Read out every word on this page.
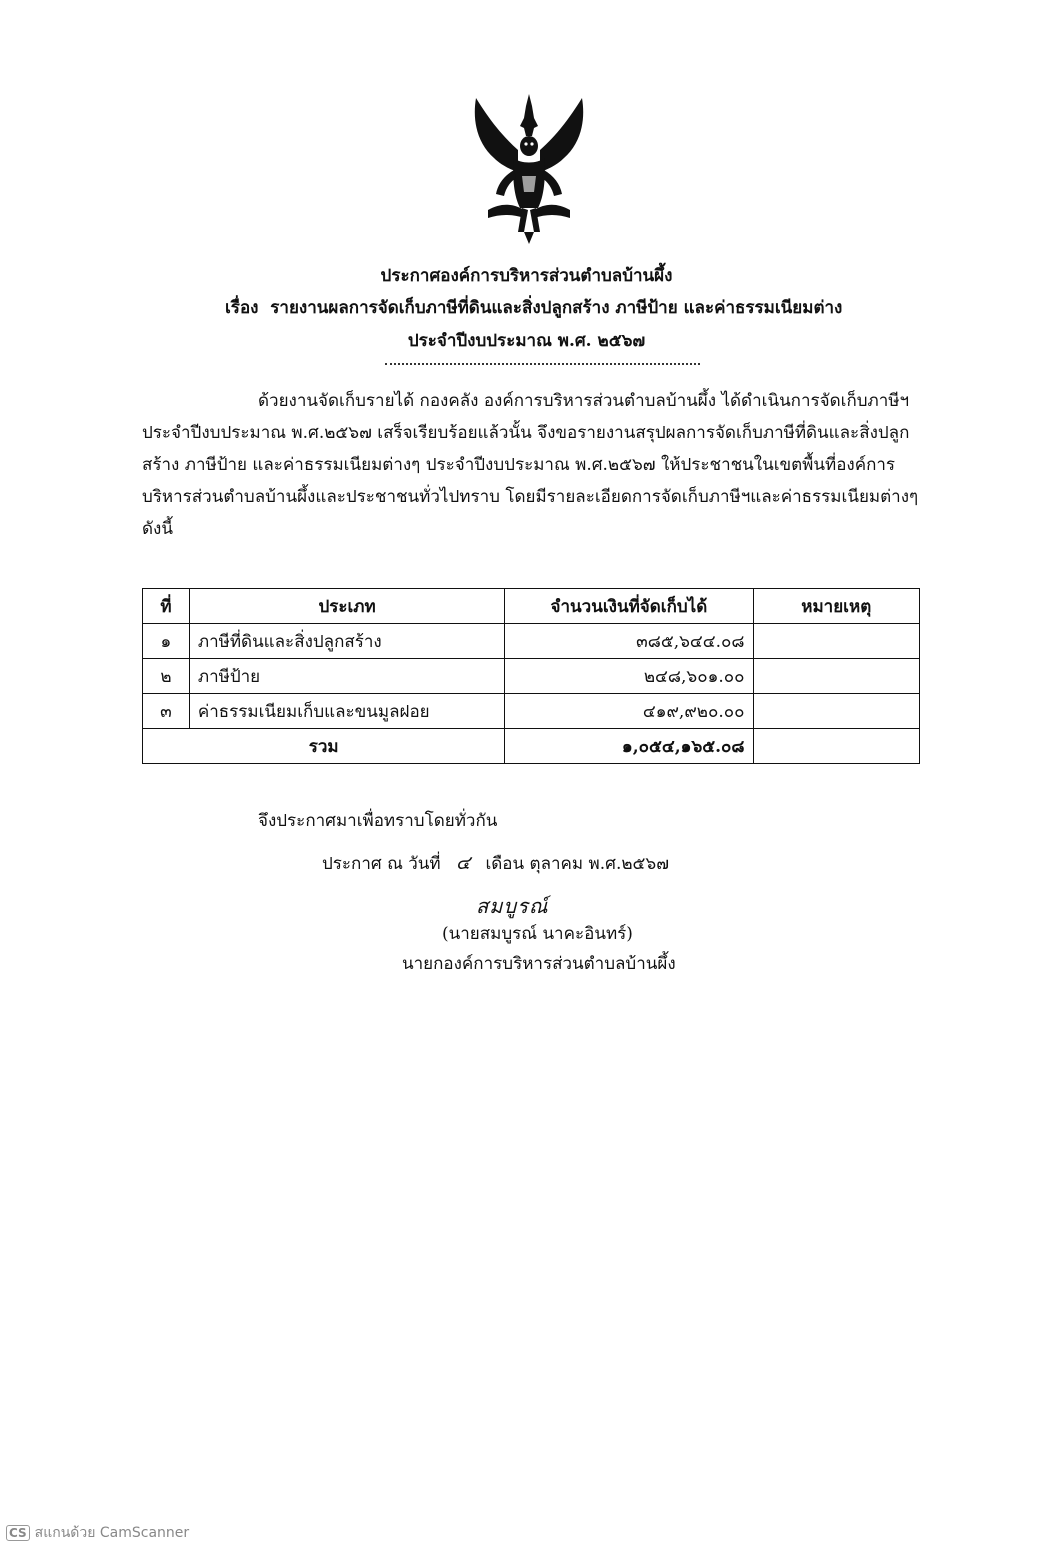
ประกาศองค์การบริหารส่วนตำบลบ้านผึ้ง
เรื่อง รายงานผลการจัดเก็บภาษีที่ดินและสิ่งปลูกสร้าง ภาษีป้าย และค่าธรรมเนียมต่าง
ประจำปีงบประมาณ พ.ศ. ๒๕๖๗

ด้วยงานจัดเก็บรายได้ กองคลัง องค์การบริหารส่วนตำบลบ้านผึ้ง ได้ดำเนินการจัดเก็บภาษีฯ

ประจำปีงบประมาณ พ.ศ.๒๕๖๗ เสร็จเรียบร้อยแล้วนั้น จึงขอรายงานสรุปผลการจัดเก็บภาษีที่ดินและสิ่งปลูก

สร้าง ภาษีป้าย และค่าธรรมเนียมต่างๆ ประจำปีงบประมาณ พ.ศ.๒๕๖๗ ให้ประชาชนในเขตพื้นที่องค์การ

บริหารส่วนตำบลบ้านผึ้งและประชาชนทั่วไปทราบ โดยมีรายละเอียดการจัดเก็บภาษีฯและค่าธรรมเนียมต่างๆ

ดังนี้

ที่	ประเภท	จำนวนเงินที่จัดเก็บได้	หมายเหตุ
๑	ภาษีที่ดินและสิ่งปลูกสร้าง	๓๘๕,๖๔๔.๐๘	
๒	ภาษีป้าย	๒๔๘,๖๐๑.๐๐	
๓	ค่าธรรมเนียมเก็บและขนมูลฝอย	๔๑๙,๙๒๐.๐๐	
รวม		๑,๐๕๔,๑๖๕.๐๘	
จึงประกาศมาเพื่อทราบโดยทั่วกัน
ประกาศ ณ วันที่ ๔ เดือน ตุลาคม พ.ศ.๒๕๖๗
สมบูรณ์
(นายสมบูรณ์ นาคะอินทร์)
นายกองค์การบริหารส่วนตำบลบ้านผึ้ง
CS สแกนด้วย CamScanner
